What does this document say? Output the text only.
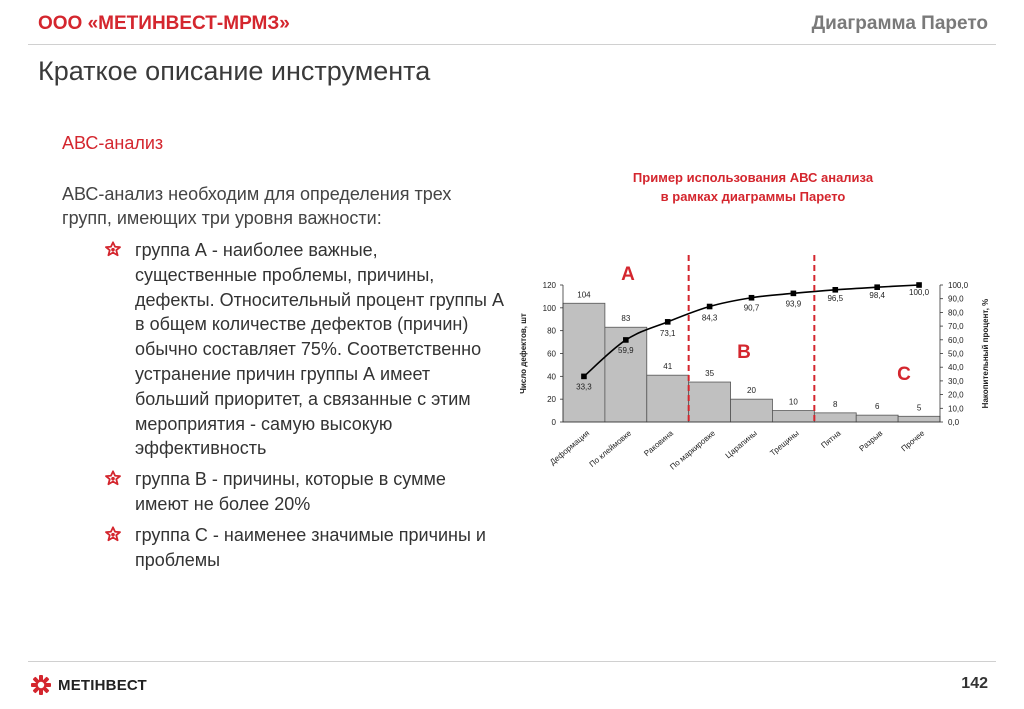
ООО «МЕТИНВЕСТ-МРМЗ»	Диаграмма Парето
Краткое описание инструмента
АВС-анализ
АВС-анализ необходим для определения трех групп, имеющих три уровня важности:
группа А - наиболее важные, существенные проблемы, причины, дефекты. Относительный процент группы А в общем количестве дефектов (причин) обычно составляет 75%. Соответственно устранение причин группы А имеет больший приоритет, а связанные с этим мероприятия - самую высокую эффективность
группа В - причины, которые в сумме имеют не более 20%
группа С - наименее значимые причины и проблемы
Пример использования АВС анализа
в рамках диаграммы Парето
0
20
40
60
80
100
120
0,0
10,0
20,0
30,0
40,0
50,0
60,0
70,0
80,0
90,0
100,0
Число дефектов, шт	Накопительный процент, %
104
83
41
35
20
10	8	6	5
33,3
59,9
73,1
84,3
90,7	93,9
96,5	98,4	100,0
A
B
C
Деформация
По клеймовке Раковина
По маркировке Царапины Трещины Пятна Разрыв Прочее
МЕТІНВЕСТ	142
